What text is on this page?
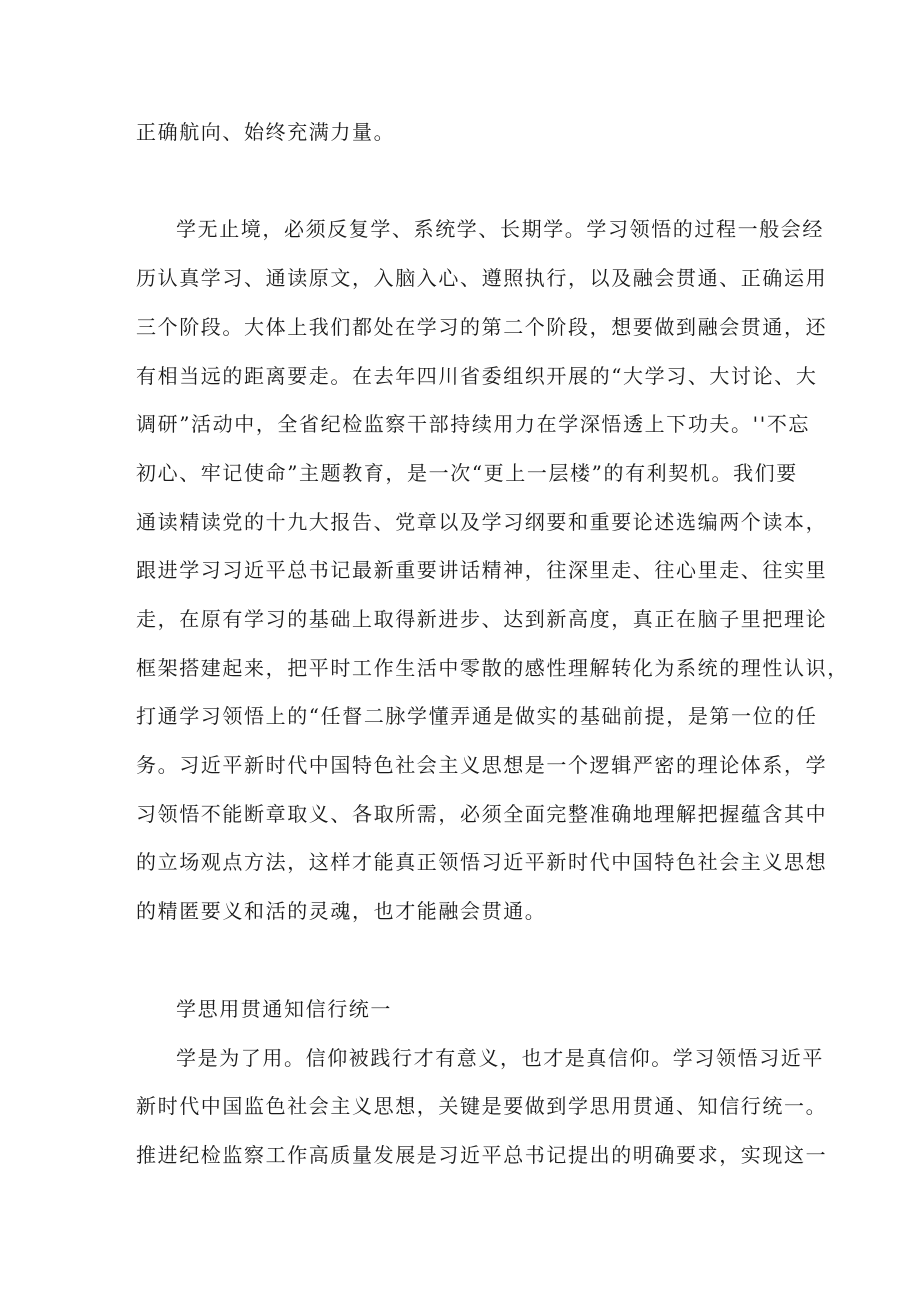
正确航向、始终充满力量。
学无止境，必须反复学、系统学、长期学。学习领悟的过程一般会经
历认真学习、通读原文，入脑入心、遵照执行，以及融会贯通、正确运用
三个阶段。大体上我们都处在学习的第二个阶段，想要做到融会贯通，还
有相当远的距离要走。在去年四川省委组织开展的“大学习、大讨论、大
调研”活动中，全省纪检监察干部持续用力在学深悟透上下功夫。''不忘
初心、牢记使命”主题教育，是一次“更上一层楼”的有利契机。我们要
通读精读党的十九大报告、党章以及学习纲要和重要论述选编两个读本，
跟进学习习近平总书记最新重要讲话精神，往深里走、往心里走、往实里
走，在原有学习的基础上取得新进步、达到新高度，真正在脑子里把理论
框架搭建起来，把平时工作生活中零散的感性理解转化为系统的理性认识，
打通学习领悟上的“任督二脉学懂弄通是做实的基础前提，是第一位的任
务。习近平新时代中国特色社会主义思想是一个逻辑严密的理论体系，学
习领悟不能断章取义、各取所需，必须全面完整准确地理解把握蕴含其中
的立场观点方法，这样才能真正领悟习近平新时代中国特色社会主义思想
的精匿要义和活的灵魂，也才能融会贯通。
学思用贯通知信行统一
学是为了用。信仰被践行才有意义，也才是真信仰。学习领悟习近平
新时代中国监色社会主义思想，关键是要做到学思用贯通、知信行统一。
推进纪检监察工作高质量发展是习近平总书记提出的明确要求，实现这一
